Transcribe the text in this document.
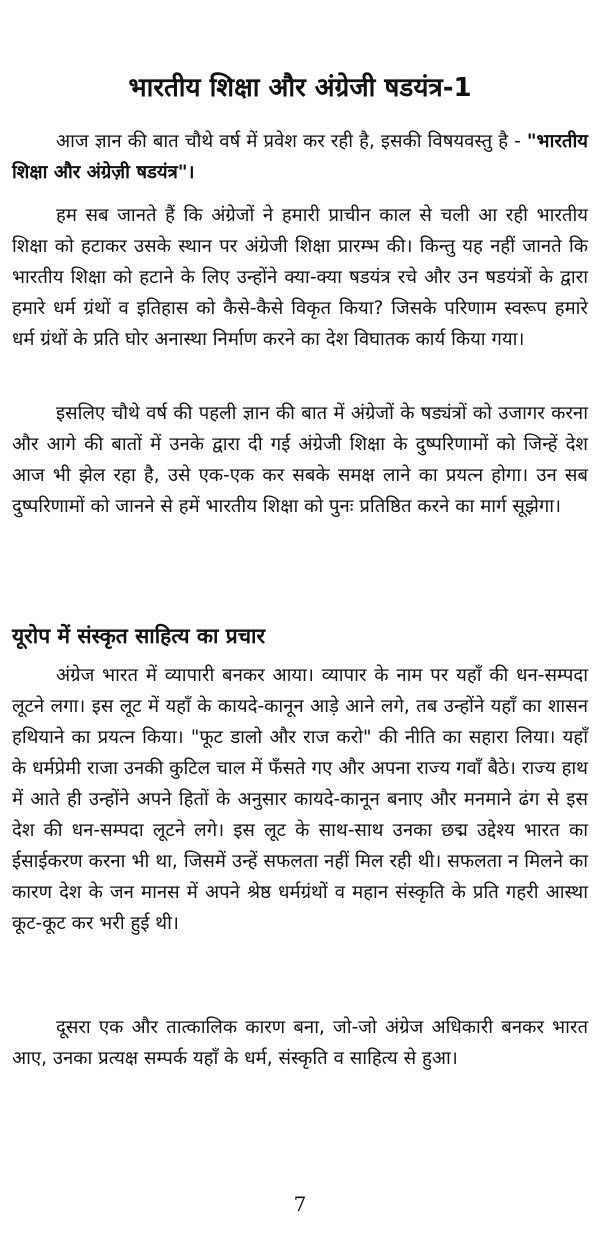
भारतीय शिक्षा और अंग्रेजी षडयंत्र-1

आज ज्ञान की बात चौथे वर्ष में प्रवेश कर रही है, इसकी विषयवस्तु है - "भारतीय शिक्षा और अंग्रेज़ी षडयंत्र"।

हम सब जानते हैं कि अंग्रेजों ने हमारी प्राचीन काल से चली आ रही भारतीय शिक्षा को हटाकर उसके स्थान पर अंग्रेजी शिक्षा प्रारम्भ की। किन्तु यह नहीं जानते कि भारतीय शिक्षा को हटाने के लिए उन्होंने क्या-क्या षडयंत्र रचे और उन षडयंत्रों के द्वारा हमारे धर्म ग्रंथों व इतिहास को कैसे-कैसे विकृत किया? जिसके परिणाम स्वरूप हमारे धर्म ग्रंथों के प्रति घोर अनास्था निर्माण करने का देश विघातक कार्य किया गया।

इसलिए चौथे वर्ष की पहली ज्ञान की बात में अंग्रेजों के षड्यंत्रों को उजागर करना और आगे की बातों में उनके द्वारा दी गई अंग्रेजी शिक्षा के दुष्परिणामों को जिन्हें देश आज भी झेल रहा है, उसे एक-एक कर सबके समक्ष लाने का प्रयत्न होगा। उन सब दुष्परिणामों को जानने से हमें भारतीय शिक्षा को पुनः प्रतिष्ठित करने का मार्ग सूझेगा।

यूरोप में संस्कृत साहित्य का प्रचार

अंग्रेज भारत में व्यापारी बनकर आया। व्यापार के नाम पर यहाँ की धन-सम्पदा लूटने लगा। इस लूट में यहाँ के कायदे-कानून आड़े आने लगे, तब उन्होंने यहाँ का शासन हथियाने का प्रयत्न किया। "फूट डालो और राज करो" की नीति का सहारा लिया। यहाँ के धर्मप्रेमी राजा उनकी कुटिल चाल में फँसते गए और अपना राज्य गवाँ बैठे। राज्य हाथ में आते ही उन्होंने अपने हितों के अनुसार कायदे-कानून बनाए और मनमाने ढंग से इस देश की धन-सम्पदा लूटने लगे। इस लूट के साथ-साथ उनका छद्म उद्देश्य भारत का ईसाईकरण करना भी था, जिसमें उन्हें सफलता नहीं मिल रही थी। सफलता न मिलने का कारण देश के जन मानस में अपने श्रेष्ठ धर्मग्रंथों व महान संस्कृति के प्रति गहरी आस्था कूट-कूट कर भरी हुई थी।

दूसरा एक और तात्कालिक कारण बना, जो-जो अंग्रेज अधिकारी बनकर भारत आए, उनका प्रत्यक्ष सम्पर्क यहाँ के धर्म, संस्कृति व साहित्य से हुआ।

7
